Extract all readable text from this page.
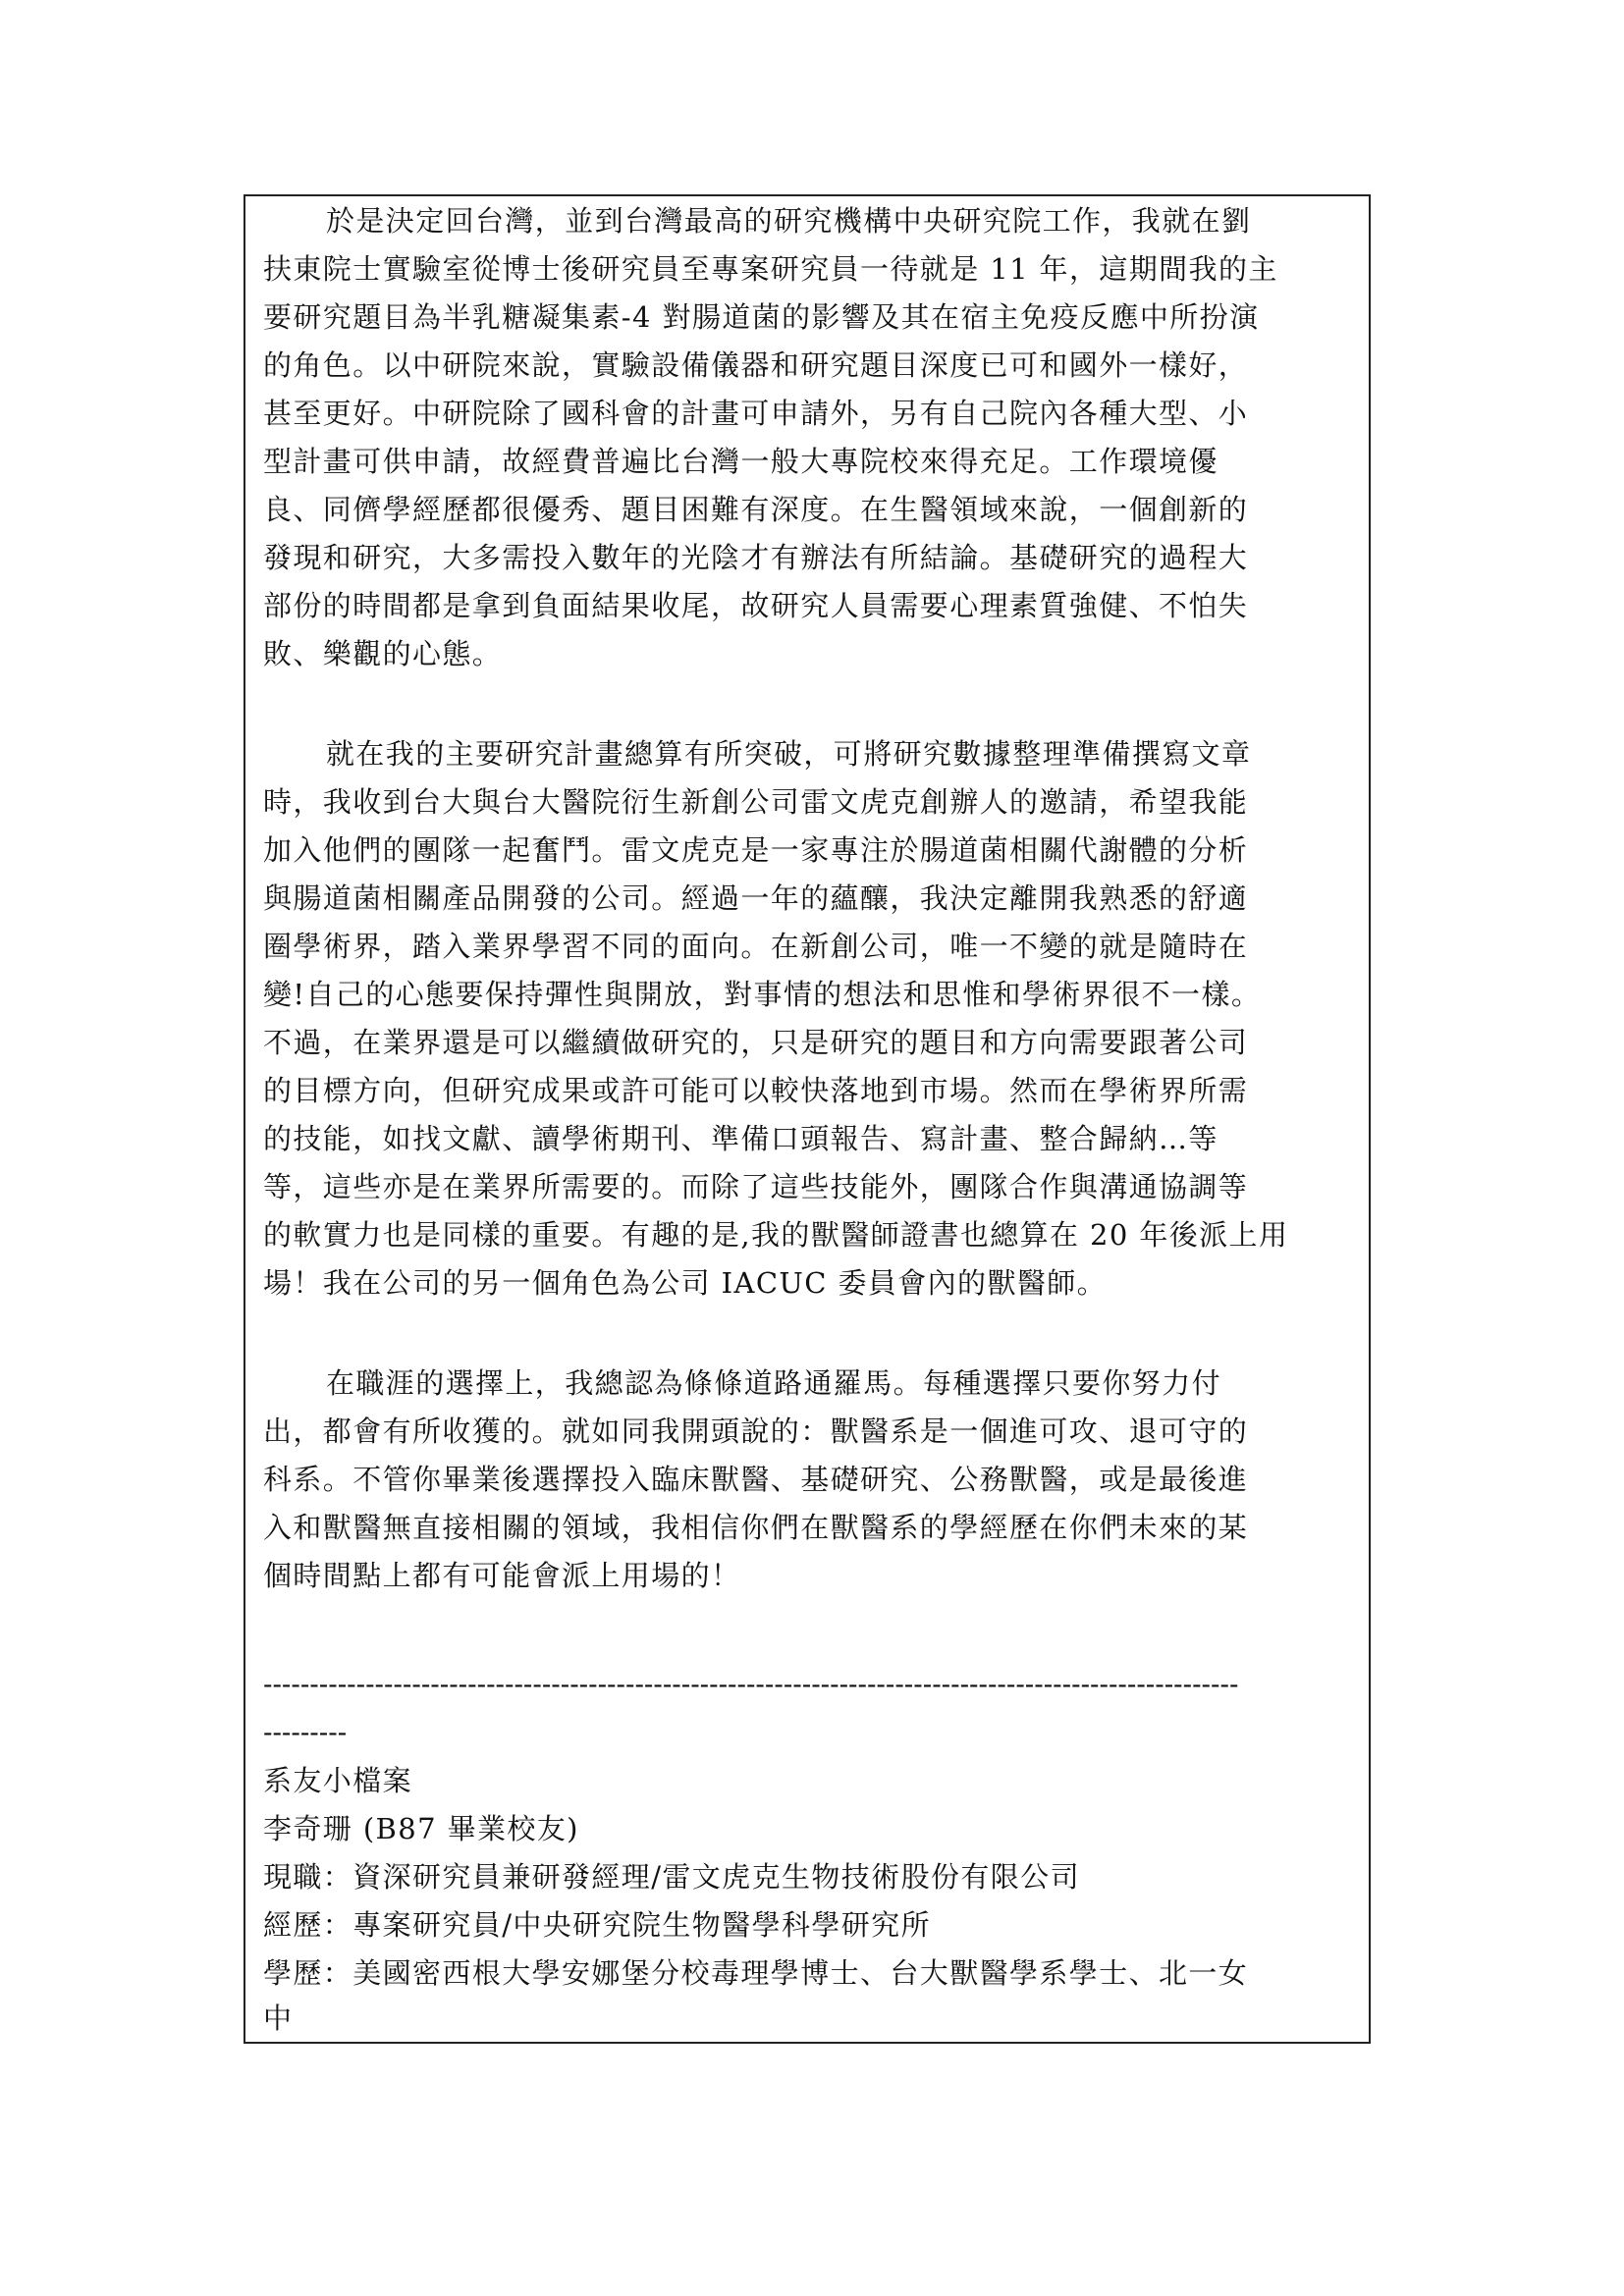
於是決定回台灣，並到台灣最高的研究機構中央研究院工作，我就在劉
扶東院士實驗室從博士後研究員至專案研究員一待就是 11 年，這期間我的主
要研究題目為半乳糖凝集素-4 對腸道菌的影響及其在宿主免疫反應中所扮演
的角色。以中研院來說，實驗設備儀器和研究題目深度已可和國外一樣好，
甚至更好。中研院除了國科會的計畫可申請外，另有自己院內各種大型、小
型計畫可供申請，故經費普遍比台灣一般大專院校來得充足。工作環境優
良、同儕學經歷都很優秀、題目困難有深度。在生醫領域來說，一個創新的
發現和研究，大多需投入數年的光陰才有辦法有所結論。基礎研究的過程大
部份的時間都是拿到負面結果收尾，故研究人員需要心理素質強健、不怕失
敗、樂觀的心態。
就在我的主要研究計畫總算有所突破，可將研究數據整理準備撰寫文章
時，我收到台大與台大醫院衍生新創公司雷文虎克創辦人的邀請，希望我能
加入他們的團隊一起奮鬥。雷文虎克是一家專注於腸道菌相關代謝體的分析
與腸道菌相關產品開發的公司。經過一年的蘊釀，我決定離開我熟悉的舒適
圈學術界，踏入業界學習不同的面向。在新創公司，唯一不變的就是隨時在
變!自己的心態要保持彈性與開放，對事情的想法和思惟和學術界很不一樣。
不過，在業界還是可以繼續做研究的，只是研究的題目和方向需要跟著公司
的目標方向，但研究成果或許可能可以較快落地到市場。然而在學術界所需
的技能，如找文獻、讀學術期刊、準備口頭報告、寫計畫、整合歸納…等
等，這些亦是在業界所需要的。而除了這些技能外，團隊合作與溝通協調等
的軟實力也是同樣的重要。有趣的是,我的獸醫師證書也總算在 20 年後派上用
場！我在公司的另一個角色為公司 IACUC 委員會內的獸醫師。
在職涯的選擇上，我總認為條條道路通羅馬。每種選擇只要你努力付
出，都會有所收獲的。就如同我開頭說的：獸醫系是一個進可攻、退可守的
科系。不管你畢業後選擇投入臨床獸醫、基礎研究、公務獸醫，或是最後進
入和獸醫無直接相關的領域，我相信你們在獸醫系的學經歷在你們未來的某
個時間點上都有可能會派上用場的！
---------------------------------------------------------------------------------------------------------
---------
系友小檔案
李奇珊 (B87 畢業校友)
現職：資深研究員兼研發經理/雷文虎克生物技術股份有限公司
經歷：專案研究員/中央研究院生物醫學科學研究所
學歷：美國密西根大學安娜堡分校毒理學博士、台大獸醫學系學士、北一女
中
